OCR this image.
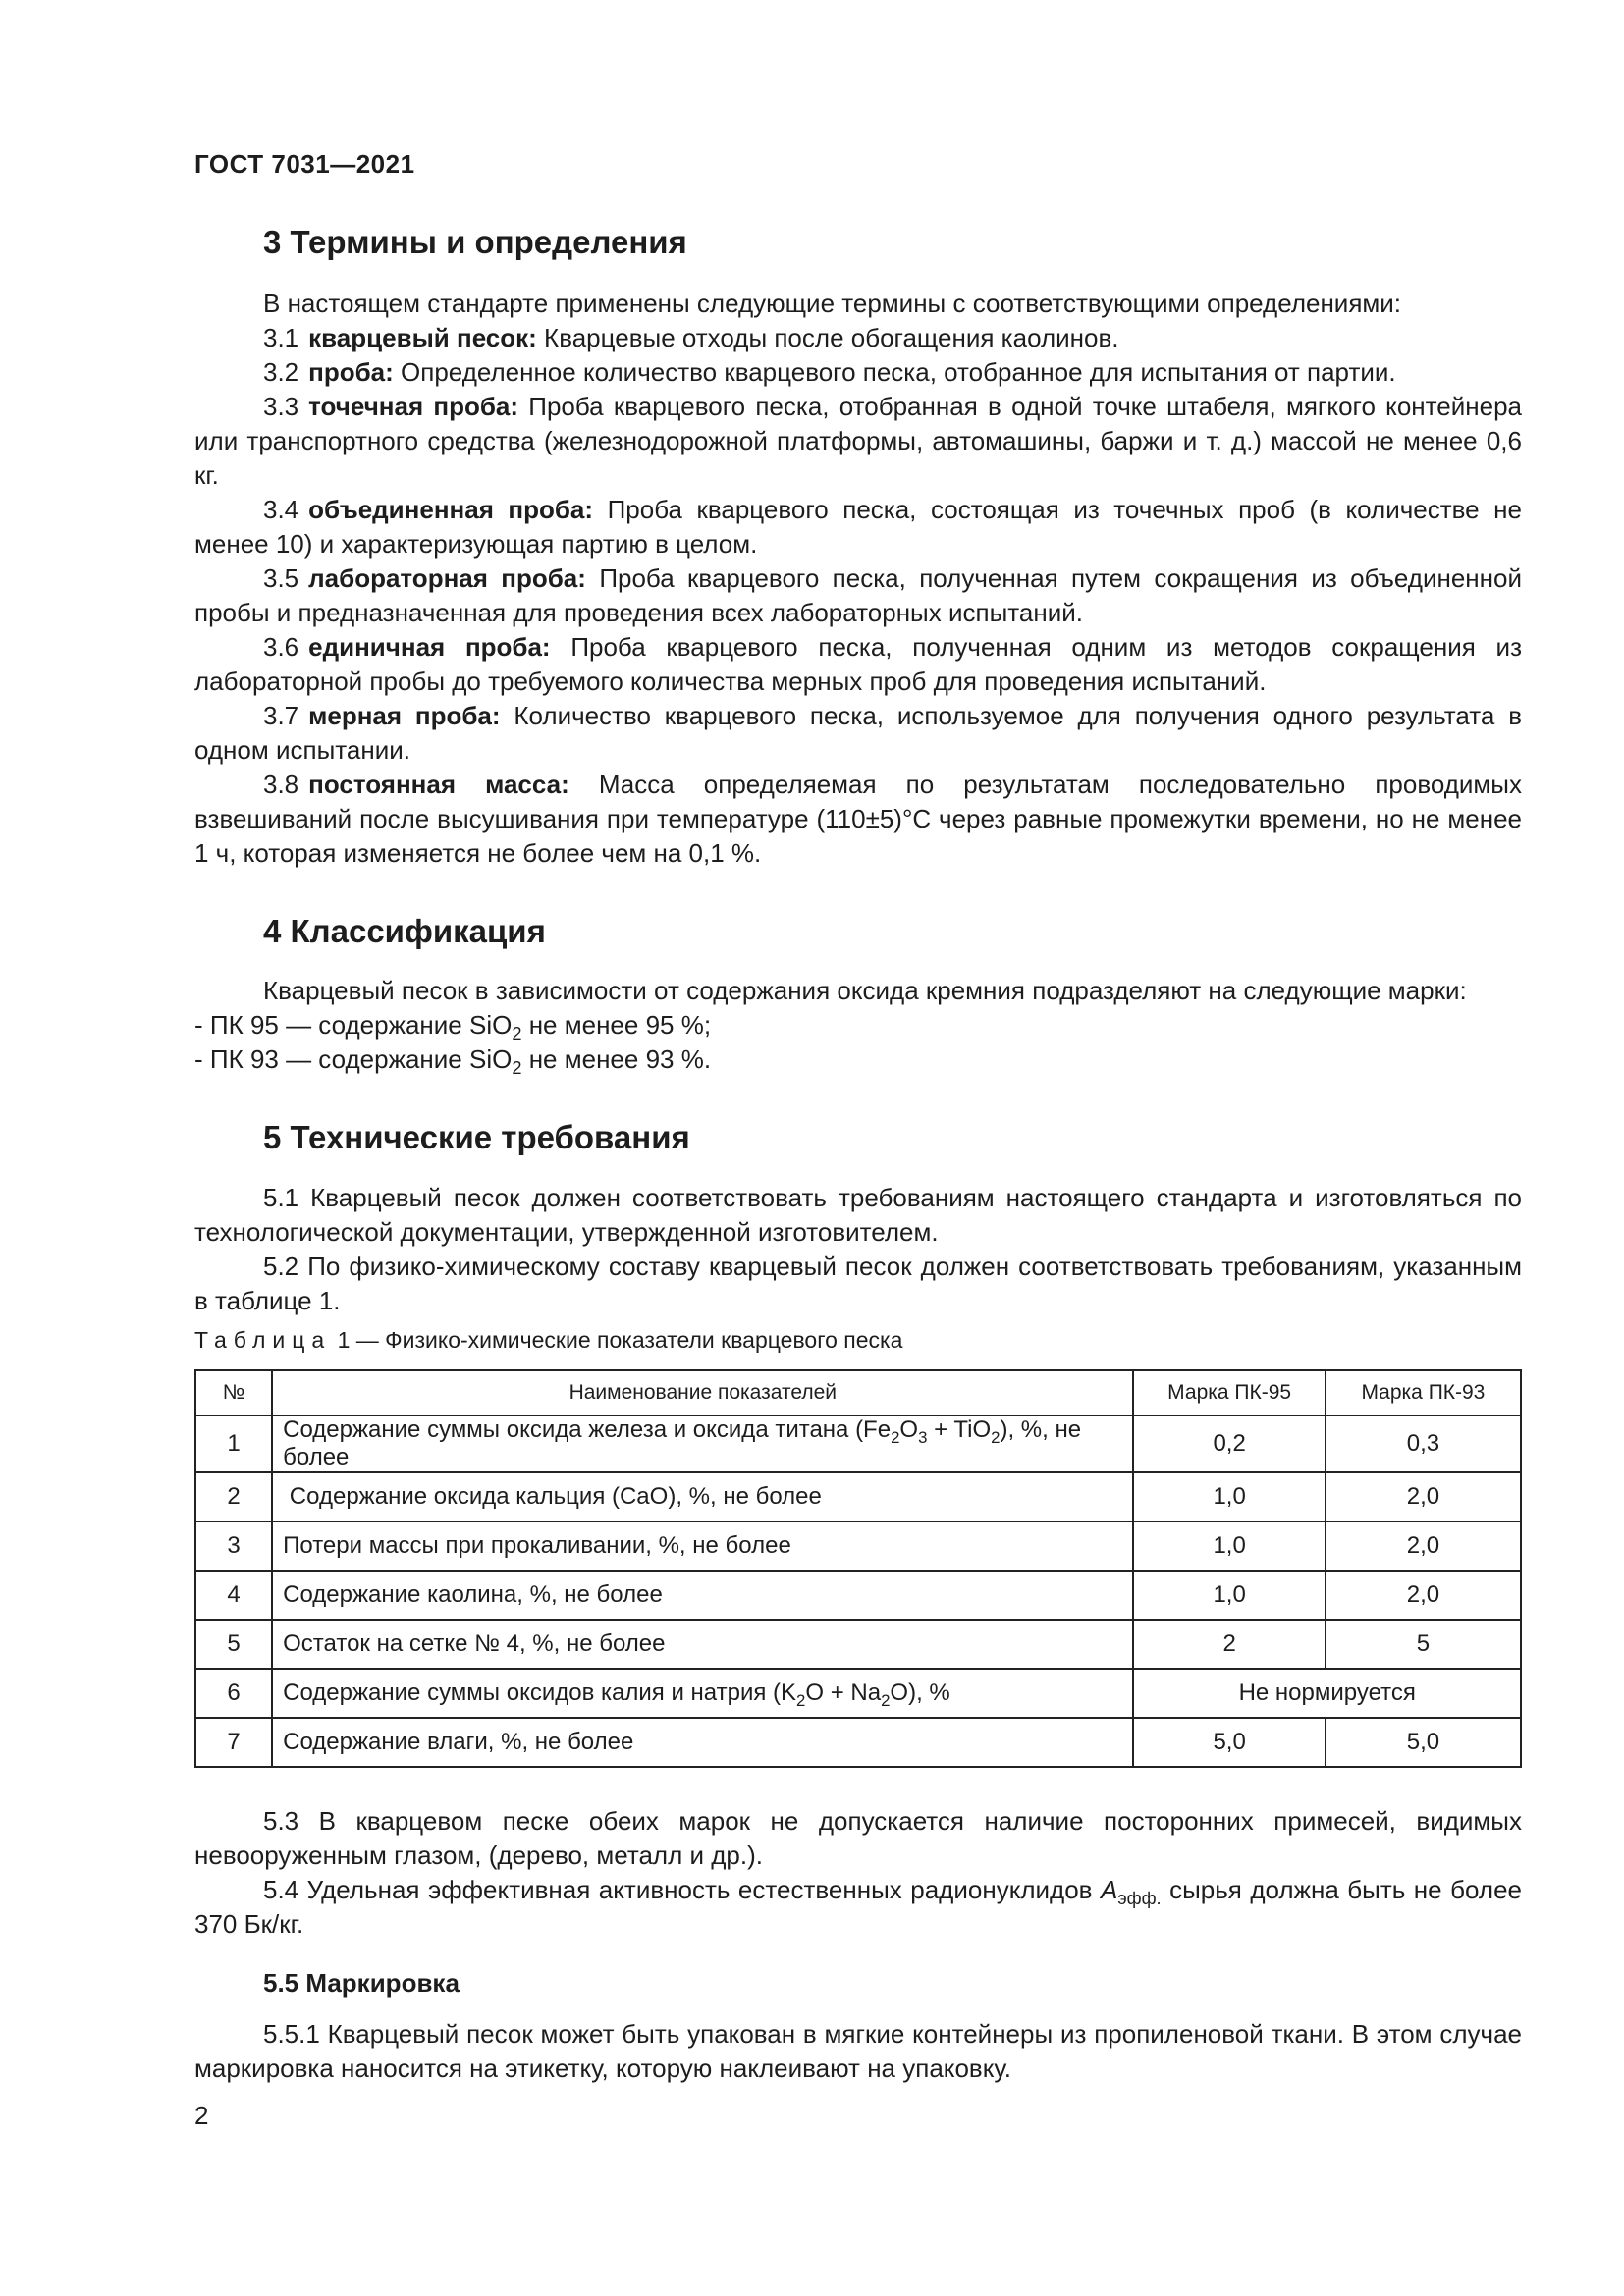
ГОСТ 7031—2021
3 Термины и определения
В настоящем стандарте применены следующие термины с соответствующими определениями:
3.1 кварцевый песок: Кварцевые отходы после обогащения каолинов.
3.2 проба: Определенное количество кварцевого песка, отобранное для испытания от партии.
3.3 точечная проба: Проба кварцевого песка, отобранная в одной точке штабеля, мягкого контейнера или транспортного средства (железнодорожной платформы, автомашины, баржи и т. д.) массой не менее 0,6 кг.
3.4 объединенная проба: Проба кварцевого песка, состоящая из точечных проб (в количестве не менее 10) и характеризующая партию в целом.
3.5 лабораторная проба: Проба кварцевого песка, полученная путем сокращения из объединенной пробы и предназначенная для проведения всех лабораторных испытаний.
3.6 единичная проба: Проба кварцевого песка, полученная одним из методов сокращения из лабораторной пробы до требуемого количества мерных проб для проведения испытаний.
3.7 мерная проба: Количество кварцевого песка, используемое для получения одного результата в одном испытании.
3.8 постоянная масса: Масса определяемая по результатам последовательно проводимых взвешиваний после высушивания при температуре (110±5)°С через равные промежутки времени, но не менее 1 ч, которая изменяется не более чем на 0,1 %.
4 Классификация
Кварцевый песок в зависимости от содержания оксида кремния подразделяют на следующие марки:
- ПК 95 — содержание SiO$_2$ не менее 95 %;
- ПК 93 — содержание SiO$_2$ не менее 93 %.
5 Технические требования
5.1 Кварцевый песок должен соответствовать требованиям настоящего стандарта и изготовляться по технологической документации, утвержденной изготовителем.
5.2 По физико-химическому составу кварцевый песок должен соответствовать требованиям, указанным в таблице 1.
Таблица 1 — Физико-химические показатели кварцевого песка
№	Наименование показателей	Марка ПК-95	Марка ПК-93
1	Содержание суммы оксида железа и оксида титана $(Fe_2O_3 + TiO_2)$, %, не более	0,2	0,3
2	Содержание оксида кальция (CaO), %, не более	1,0	2,0
3	Потери массы при прокаливании, %, не более	1,0	2,0
4	Содержание каолина, %, не более	1,0	2,0
5	Остаток на сетке № 4, %, не более	2	5
6	Содержание суммы оксидов калия и натрия $(K_2O + Na_2O)$, %	Не нормируется	
7	Содержание влаги, %, не более	5,0	5,0
5.3 В кварцевом песке обеих марок не допускается наличие посторонних примесей, видимых невооруженным глазом, (дерево, металл и др.).
5.4 Удельная эффективная активность естественных радионуклидов $A_{эфф.}$ сырья должна быть не более 370 Бк/кг.
5.5 Маркировка
5.5.1 Кварцевый песок может быть упакован в мягкие контейнеры из пропиленовой ткани. В этом случае маркировка наносится на этикетку, которую наклеивают на упаковку.
2
